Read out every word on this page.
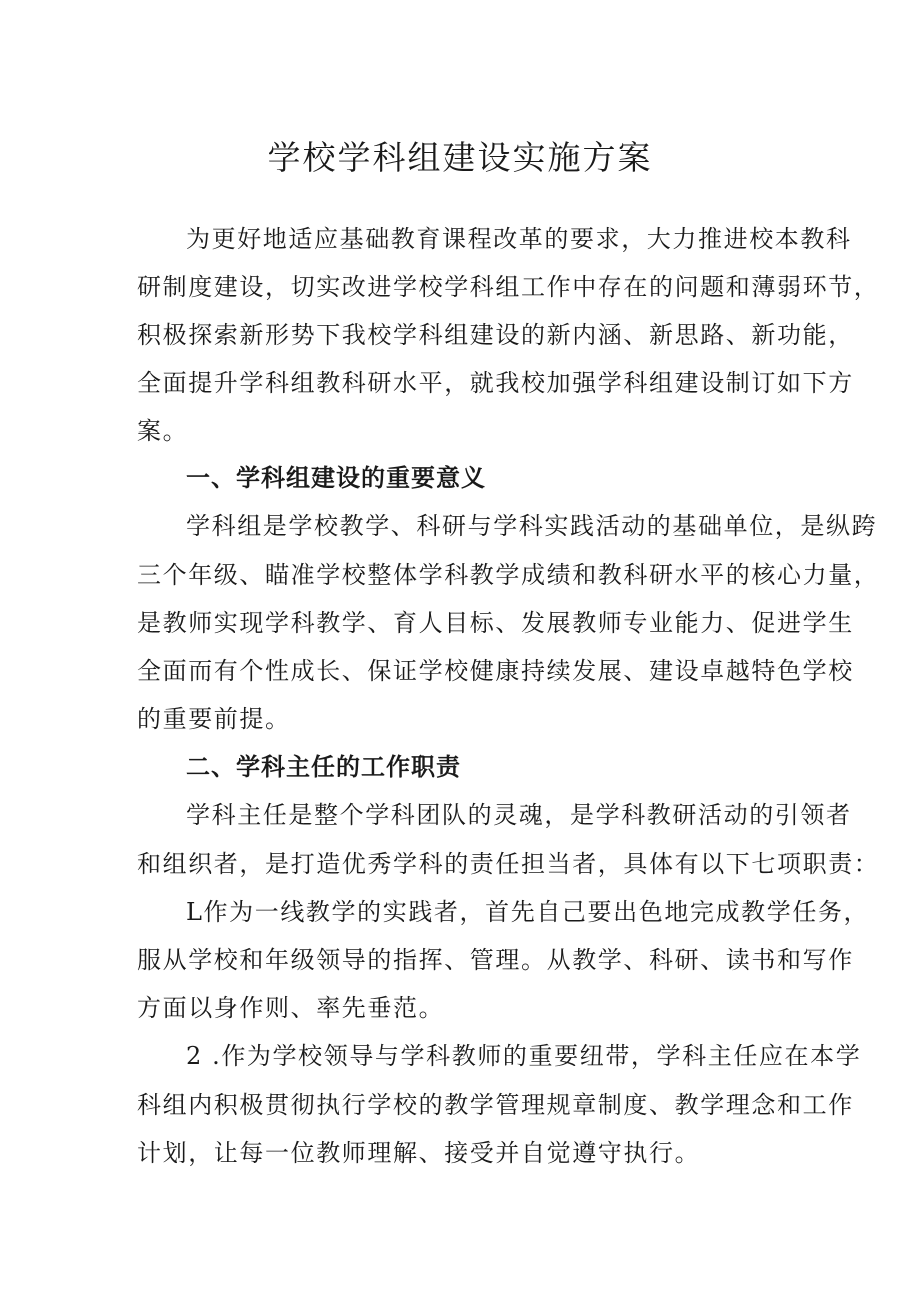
学校学科组建设实施方案

为更好地适应基础教育课程改革的要求，大力推进校本教科

研制度建设，切实改进学校学科组工作中存在的问题和薄弱环节，

积极探索新形势下我校学科组建设的新内涵、新思路、新功能，

全面提升学科组教科研水平，就我校加强学科组建设制订如下方

案。

一、学科组建设的重要意义

学科组是学校教学、科研与学科实践活动的基础单位，是纵跨

三个年级、瞄准学校整体学科教学成绩和教科研水平的核心力量，

是教师实现学科教学、育人目标、发展教师专业能力、促进学生

全面而有个性成长、保证学校健康持续发展、建设卓越特色学校

的重要前提。

二、学科主任的工作职责

学科主任是整个学科团队的灵魂，是学科教研活动的引领者

和组织者，是打造优秀学科的责任担当者，具体有以下七项职责：

L作为一线教学的实践者，首先自己要出色地完成教学任务，

服从学校和年级领导的指挥、管理。从教学、科研、读书和写作

方面以身作则、率先垂范。

2 .作为学校领导与学科教师的重要纽带，学科主任应在本学

科组内积极贯彻执行学校的教学管理规章制度、教学理念和工作

计划，让每一位教师理解、接受并自觉遵守执行。
